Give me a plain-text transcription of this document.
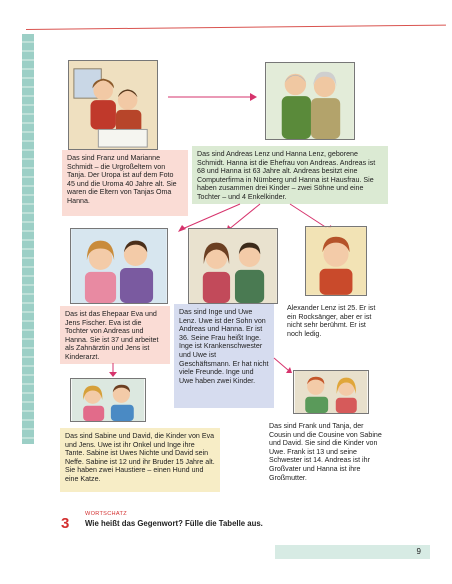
Das sind Franz und Marianne Schmidt – die Urgroßeltern von Tanja. Der Uropa ist auf dem Foto 45 und die Uroma 40 Jahre alt. Sie waren die Eltern von Tanjas Oma Hanna.
Das sind Andreas Lenz und Hanna Lenz, geborene Schmidt. Hanna ist die Ehefrau von Andreas. Andreas ist 68 und Hanna ist 63 Jahre alt. Andreas besitzt eine Computerfirma in Nürnberg und Hanna ist Hausfrau. Sie haben zusammen drei Kinder – zwei Söhne und eine Tochter – und 4 Enkelkinder.
Das ist das Ehepaar Eva und Jens Fischer. Eva ist die Tochter von Andreas und Hanna. Sie ist 37 und arbeitet als Zahnärztin und Jens ist Kinderarzt.
Das sind Inge und Uwe Lenz. Uwe ist der Sohn von Andreas und Hanna. Er ist 36. Seine Frau heißt Inge. Inge ist Krankenschwester und Uwe ist Geschäftsmann. Er hat nicht viele Freunde. Inge und Uwe haben zwei Kinder.
Alexander Lenz ist 25. Er ist ein Rocksänger, aber er ist nicht sehr berühmt. Er ist noch ledig.
Das sind Sabine und David, die Kinder von Eva und Jens. Uwe ist ihr Onkel und Inge ihre Tante. Sabine ist Uwes Nichte und David sein Neffe. Sabine ist 12 und ihr Bruder 15 Jahre alt. Sie haben zwei Haustiere – einen Hund und eine Katze.
Das sind Frank und Tanja, der Cousin und die Cousine von Sabine und David. Sie sind die Kinder von Uwe. Frank ist 13 und seine Schwester ist 14. Andreas ist ihr Großvater und Hanna ist ihre Großmutter.
3
WORTSCHATZ
Wie heißt das Gegenwort? Fülle die Tabelle aus.
9
